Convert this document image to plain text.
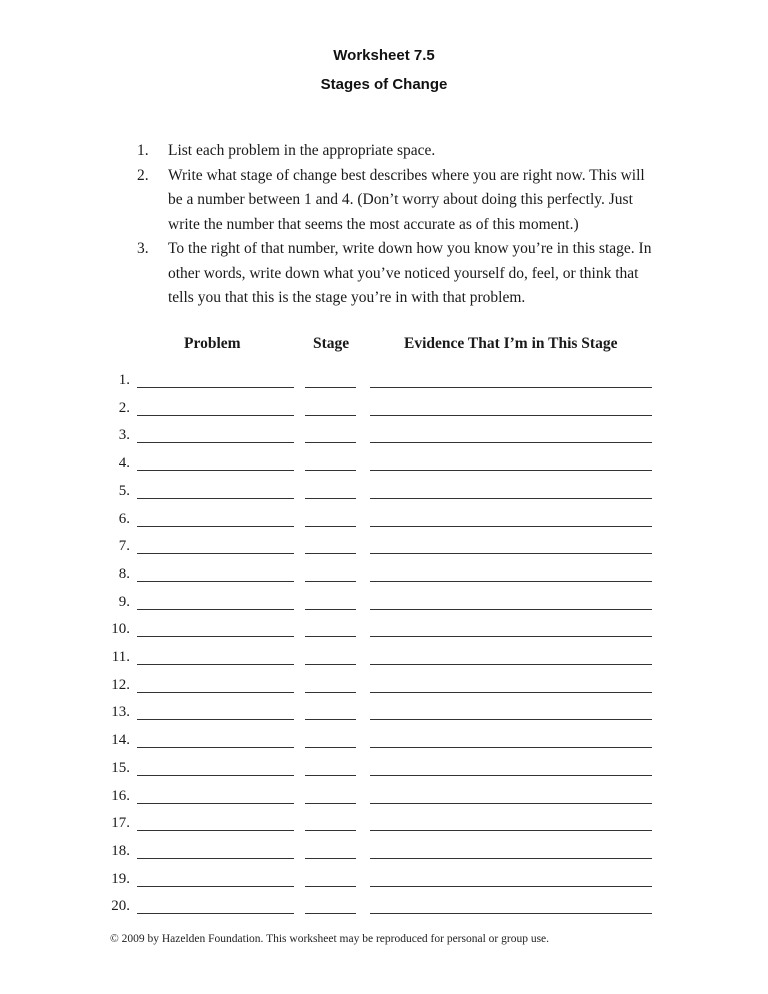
Worksheet 7.5
Stages of Change
1. List each problem in the appropriate space.
2. Write what stage of change best describes where you are right now. This will be a number between 1 and 4. (Don’t worry about doing this perfectly. Just write the number that seems the most accurate as of this moment.)
3. To the right of that number, write down how you know you’re in this stage. In other words, write down what you’ve noticed yourself do, feel, or think that tells you that this is the stage you’re in with that problem.
Problem	Stage	Evidence That I’m in This Stage
1.
2.
3.
4.
5.
6.
7.
8.
9.
10.
11.
12.
13.
14.
15.
16.
17.
18.
19.
20.
© 2009 by Hazelden Foundation. This worksheet may be reproduced for personal or group use.
